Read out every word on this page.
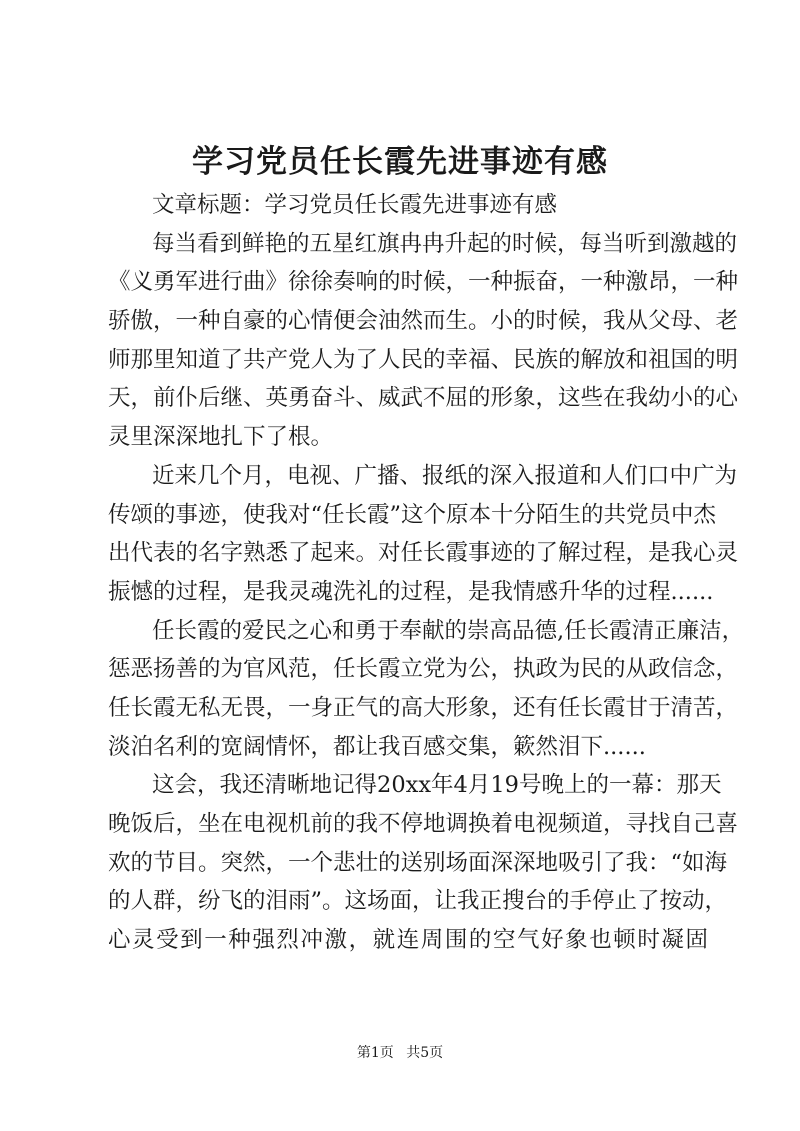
学习党员任长霞先进事迹有感

文章标题：学习党员任长霞先进事迹有感

每当看到鲜艳的五星红旗冉冉升起的时候，每当听到激越的
《义勇军进行曲》徐徐奏响的时候，一种振奋，一种激昂，一种
骄傲，一种自豪的心情便会油然而生。小的时候，我从父母、老
师那里知道了共产党人为了人民的幸福、民族的解放和祖国的明
天，前仆后继、英勇奋斗、威武不屈的形象，这些在我幼小的心
灵里深深地扎下了根。

近来几个月，电视、广播、报纸的深入报道和人们口中广为
传颂的事迹，使我对“任长霞”这个原本十分陌生的共党员中杰
出代表的名字熟悉了起来。对任长霞事迹的了解过程，是我心灵
振憾的过程，是我灵魂洗礼的过程，是我情感升华的过程......

任长霞的爱民之心和勇于奉献的崇高品德,任长霞清正廉洁，
惩恶扬善的为官风范，任长霞立党为公，执政为民的从政信念，
任长霞无私无畏，一身正气的高大形象，还有任长霞甘于清苦，
淡泊名利的宽阔情怀，都让我百感交集，簌然泪下......

这会，我还清晰地记得20xx年4月19号晚上的一幕：那天
晚饭后，坐在电视机前的我不停地调换着电视频道，寻找自己喜
欢的节目。突然，一个悲壮的送别场面深深地吸引了我：“如海
的人群，纷飞的泪雨”。这场面，让我正搜台的手停止了按动，
心灵受到一种强烈冲激，就连周围的空气好象也顿时凝固

第1页 共5页
